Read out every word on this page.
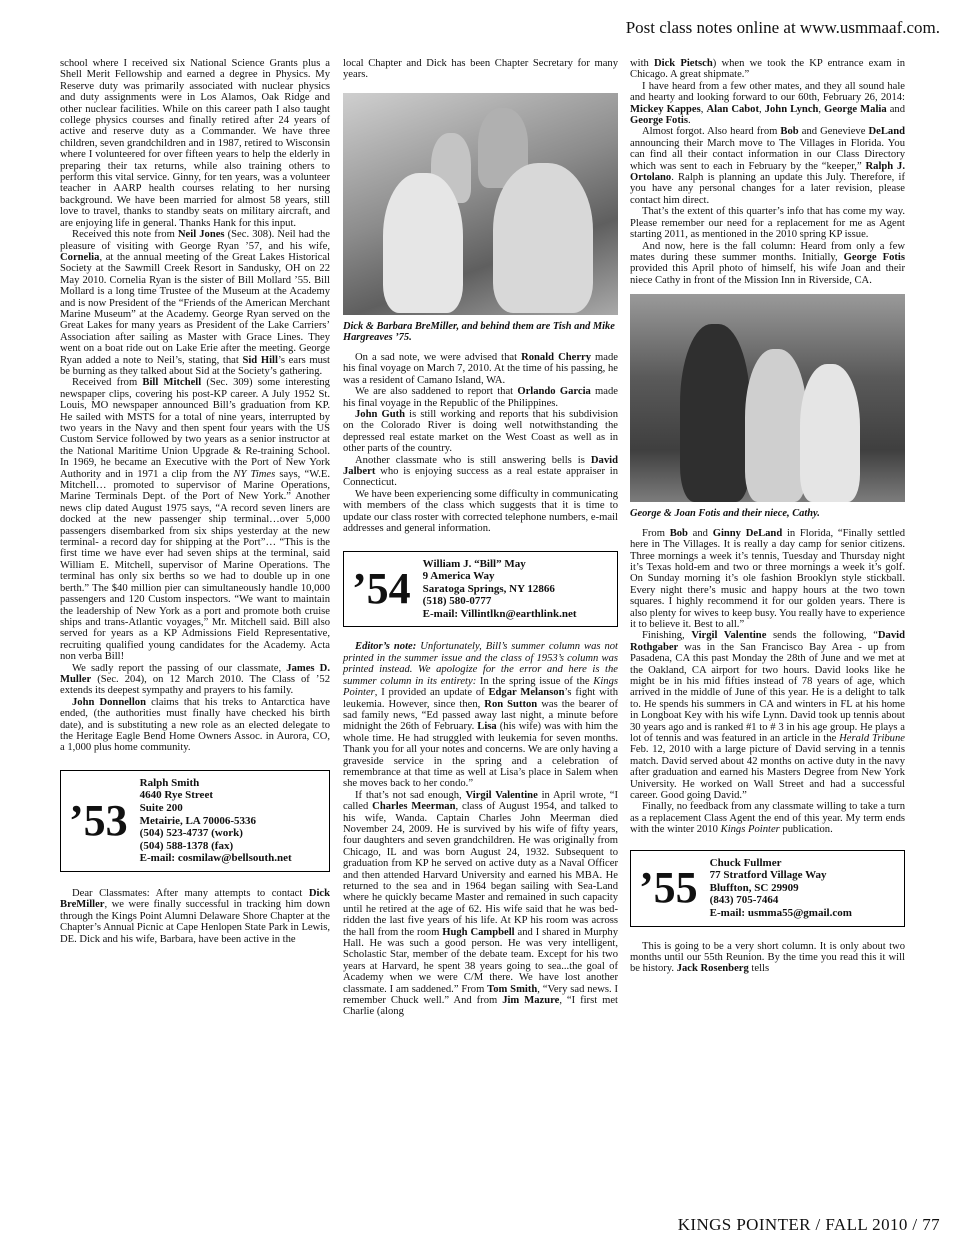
Post class notes online at www.usmmaaf.com.

school where I received six National Science Grants plus a Shell Merit Fellowship and earned a degree in Physics. My Reserve duty was primarily associated with nuclear physics and duty assignments were in Los Alamos, Oak Ridge and other nuclear facilities. While on this career path I also taught college physics courses and finally retired after 24 years of active and reserve duty as a Commander. We have three children, seven grandchildren and in 1987, retired to Wisconsin where I volunteered for over fifteen years to help the elderly in preparing their tax returns, while also training others to perform this vital service. Ginny, for ten years, was a volunteer teacher in AARP health courses relating to her nursing background. We have been married for almost 58 years, still love to travel, thanks to standby seats on military aircraft, and are enjoying life in general. Thanks Hank for this input.

Received this note from Neil Jones (Sec. 308). Neil had the pleasure of visiting with George Ryan ’57, and his wife, Cornelia, at the annual meeting of the Great Lakes Historical Society at the Sawmill Creek Resort in Sandusky, OH on 22 May 2010. Cornelia Ryan is the sister of Bill Mollard ’55. Bill Mollard is a long time Trustee of the Museum at the Academy and is now President of the “Friends of the American Merchant Marine Museum” at the Academy. George Ryan served on the Great Lakes for many years as President of the Lake Carriers’ Association after sailing as Master with Grace Lines. They went on a boat ride out on Lake Erie after the meeting. George Ryan added a note to Neil’s, stating, that Sid Hill’s ears must be burning as they talked about Sid at the Society’s gathering.

Received from Bill Mitchell (Sec. 309) some interesting newspaper clips, covering his post-KP career. A July 1952 St. Louis, MO newspaper announced Bill’s graduation from KP. He sailed with MSTS for a total of nine years, interrupted by two years in the Navy and then spent four years with the US Custom Service followed by two years as a senior instructor at the National Maritime Union Upgrade & Re-training School. In 1969, he became an Executive with the Port of New York Authority and in 1971 a clip from the NY Times says, “W.E. Mitchell… promoted to supervisor of Marine Operations, Marine Terminals Dept. of the Port of New York.” Another news clip dated August 1975 says, “A record seven liners are docked at the new passenger ship terminal…over 5,000 passengers disembarked from six ships yesterday at the new terminal- a record day for shipping at the Port”… “This is the first time we have ever had seven ships at the terminal, said William E. Mitchell, supervisor of Marine Operations. The terminal has only six berths so we had to double up in one berth.” The $40 million pier can simultaneously handle 10,000 passengers and 120 Custom inspectors. “We want to maintain the leadership of New York as a port and promote both cruise ships and trans-Atlantic voyages,” Mr. Mitchell said. Bill also served for years as a KP Admissions Field Representative, recruiting qualified young candidates for the Academy. Acta non verba Bill!

We sadly report the passing of our classmate, James D. Muller (Sec. 204), on 12 March 2010. The Class of ’52 extends its deepest sympathy and prayers to his family.

John Donnellon claims that his treks to Antarctica have ended, (the authorities must finally have checked his birth date), and is substituting a new role as an elected delegate to the Heritage Eagle Bend Home Owners Assoc. in Aurora, CO, a 1,000 plus home community.

’53
Ralph Smith
4640 Rye Street
Suite 200
Metairie, LA 70006-5336
(504) 523-4737 (work)
(504) 588-1378 (fax)
E-mail: cosmilaw@bellsouth.net

Dear Classmates: After many attempts to contact Dick BreMiller, we were finally successful in tracking him down through the Kings Point Alumni Delaware Shore Chapter at the Chapter’s Annual Picnic at Cape Henlopen State Park in Lewis, DE. Dick and his wife, Barbara, have been active in the

local Chapter and Dick has been Chapter Secretary for many years.

Dick & Barbara BreMiller, and behind them are Tish and Mike Hargreaves ’75.

On a sad note, we were advised that Ronald Cherry made his final voyage on March 7, 2010. At the time of his passing, he was a resident of Camano Island, WA.

We are also saddened to report that Orlando Garcia made his final voyage in the Republic of the Philippines.

John Guth is still working and reports that his subdivision on the Colorado River is doing well notwithstanding the depressed real estate market on the West Coast as well as in other parts of the country.

Another classmate who is still answering bells is David Jalbert who is enjoying success as a real estate appraiser in Connecticut.

We have been experiencing some difficulty in communicating with members of the class which suggests that it is time to update our class roster with corrected telephone numbers, e-mail addresses and general information.

’54
William J. “Bill” May
9 America Way
Saratoga Springs, NY 12866
(518) 580-0777
E-mail: Villintlkn@earthlink.net

Editor’s note: Unfortunately, Bill’s summer column was not printed in the summer issue and the class of 1953’s column was printed instead. We apologize for the error and here is the summer column in its entirety: In the spring issue of the Kings Pointer, I provided an update of Edgar Melanson’s fight with leukemia. However, since then, Ron Sutton was the bearer of sad family news, “Ed passed away last night, a minute before midnight the 26th of February. Lisa (his wife) was with him the whole time. He had struggled with leukemia for seven months. Thank you for all your notes and concerns. We are only having a graveside service in the spring and a celebration of remembrance at that time as well at Lisa’s place in Salem when she moves back to her condo.”

If that’s not sad enough, Virgil Valentine in April wrote, “I called Charles Meerman, class of August 1954, and talked to his wife, Wanda. Captain Charles John Meerman died November 24, 2009. He is survived by his wife of fifty years, four daughters and seven grandchildren. He was originally from Chicago, IL and was born August 24, 1932. Subsequent to graduation from KP he served on active duty as a Naval Officer and then attended Harvard University and earned his MBA. He returned to the sea and in 1964 began sailing with Sea-Land where he quickly became Master and remained in such capacity until he retired at the age of 62. His wife said that he was bed-ridden the last five years of his life. At KP his room was across the hall from the room Hugh Campbell and I shared in Murphy Hall. He was such a good person. He was very intelligent, Scholastic Star, member of the debate team. Except for his two years at Harvard, he spent 38 years going to sea...the goal of Academy when we were C/M there. We have lost another classmate. I am saddened.” From Tom Smith, “Very sad news. I remember Chuck well.” And from Jim Mazure, “I first met Charlie (along

with Dick Pietsch) when we took the KP entrance exam in Chicago. A great shipmate.”

I have heard from a few other mates, and they all sound hale and hearty and looking forward to our 60th, February 26, 2014: Mickey Kappes, Alan Cabot, John Lynch, George Malia and George Fotis.

Almost forgot. Also heard from Bob and Genevieve DeLand announcing their March move to The Villages in Florida. You can find all their contact information in our Class Directory which was sent to each in February by the “keeper,” Ralph J. Ortolano. Ralph is planning an update this July. Therefore, if you have any personal changes for a later revision, please contact him direct.

That’s the extent of this quarter’s info that has come my way. Please remember our need for a replacement for me as Agent starting 2011, as mentioned in the 2010 spring KP issue.

And now, here is the fall column: Heard from only a few mates during these summer months. Initially, George Fotis provided this April photo of himself, his wife Joan and their niece Cathy in front of the Mission Inn in Riverside, CA.

George & Joan Fotis and their niece, Cathy.

From Bob and Ginny DeLand in Florida, “Finally settled here in The Villages. It is really a day camp for senior citizens. Three mornings a week it’s tennis, Tuesday and Thursday night it’s Texas hold-em and two or three mornings a week it’s golf. On Sunday morning it’s ole fashion Brooklyn style stickball. Every night there’s music and happy hours at the two town squares. I highly recommend it for our golden years. There is also plenty for wives to keep busy. You really have to experience it to believe it. Best to all.”

Finishing, Virgil Valentine sends the following, “David Rothgaber was in the San Francisco Bay Area - up from Pasadena, CA this past Monday the 28th of June and we met at the Oakland, CA airport for two hours. David looks like he might be in his mid fifties instead of 78 years of age, which arrived in the middle of June of this year. He is a delight to talk to. He spends his summers in CA and winters in FL at his home in Longboat Key with his wife Lynn. David took up tennis about 30 years ago and is ranked #1 to # 3 in his age group. He plays a lot of tennis and was featured in an article in the Herald Tribune Feb. 12, 2010 with a large picture of David serving in a tennis match. David served about 42 months on active duty in the navy after graduation and earned his Masters Degree from New York University. He worked on Wall Street and had a successful career. Good going David.”

Finally, no feedback from any classmate willing to take a turn as a replacement Class Agent the end of this year. My term ends with the winter 2010 Kings Pointer publication.

’55
Chuck Fullmer
77 Stratford Village Way
Bluffton, SC 29909
(843) 705-7464
E-mail: usmma55@gmail.com

This is going to be a very short column. It is only about two months until our 55th Reunion. By the time you read this it will be history. Jack Rosenberg tells

KINGS POINTER / FALL 2010 / 77
